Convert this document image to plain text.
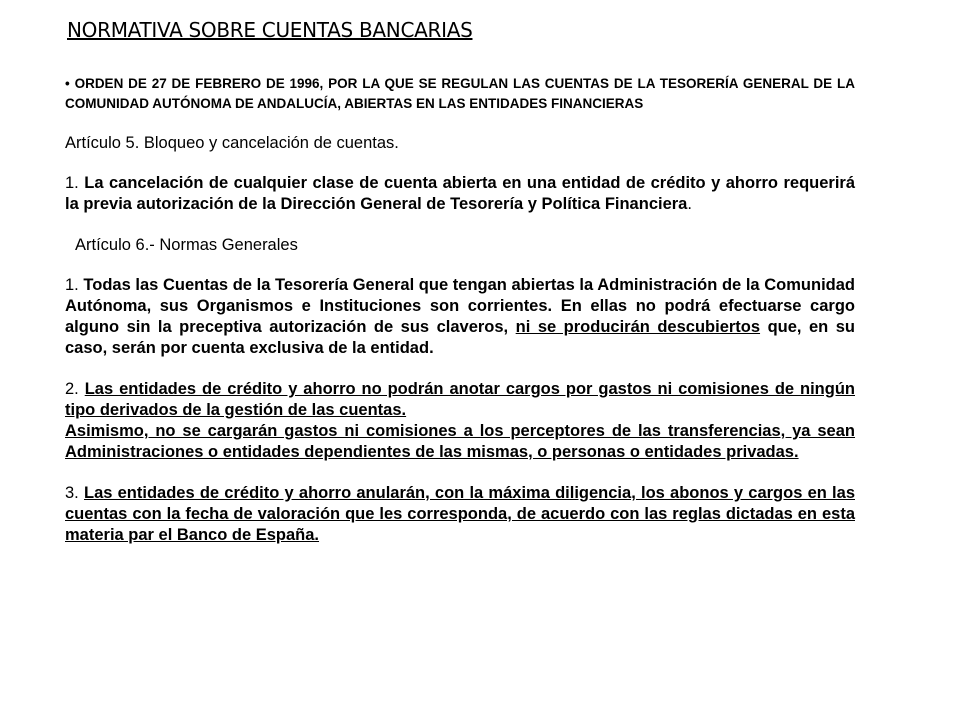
NORMATIVA SOBRE CUENTAS BANCARIAS

• ORDEN DE 27 DE FEBRERO DE 1996, POR LA QUE SE REGULAN LAS CUENTAS DE LA TESORERÍA GENERAL DE LA COMUNIDAD AUTÓNOMA DE ANDALUCÍA, ABIERTAS EN LAS ENTIDADES FINANCIERAS

Artículo 5. Bloqueo y cancelación de cuentas.

1. La cancelación de cualquier clase de cuenta abierta en una entidad de crédito y ahorro requerirá la previa autorización de la Dirección General de Tesorería y Política Financiera.

Artículo 6.- Normas Generales

1. Todas las Cuentas de la Tesorería General que tengan abiertas la Administración de la Comunidad Autónoma, sus Organismos e Instituciones son corrientes. En ellas no podrá efectuarse cargo alguno sin la preceptiva autorización de sus claveros, ni se producirán descubiertos que, en su caso, serán por cuenta exclusiva de la entidad.

2. Las entidades de crédito y ahorro no podrán anotar cargos por gastos ni comisiones de ningún tipo derivados de la gestión de las cuentas.

Asimismo, no se cargarán gastos ni comisiones a los perceptores de las transferencias, ya sean Administraciones o entidades dependientes de las mismas, o personas o entidades privadas.

3. Las entidades de crédito y ahorro anularán, con la máxima diligencia, los abonos y cargos en las cuentas con la fecha de valoración que les corresponda, de acuerdo con las reglas dictadas en esta materia par el Banco de España.
